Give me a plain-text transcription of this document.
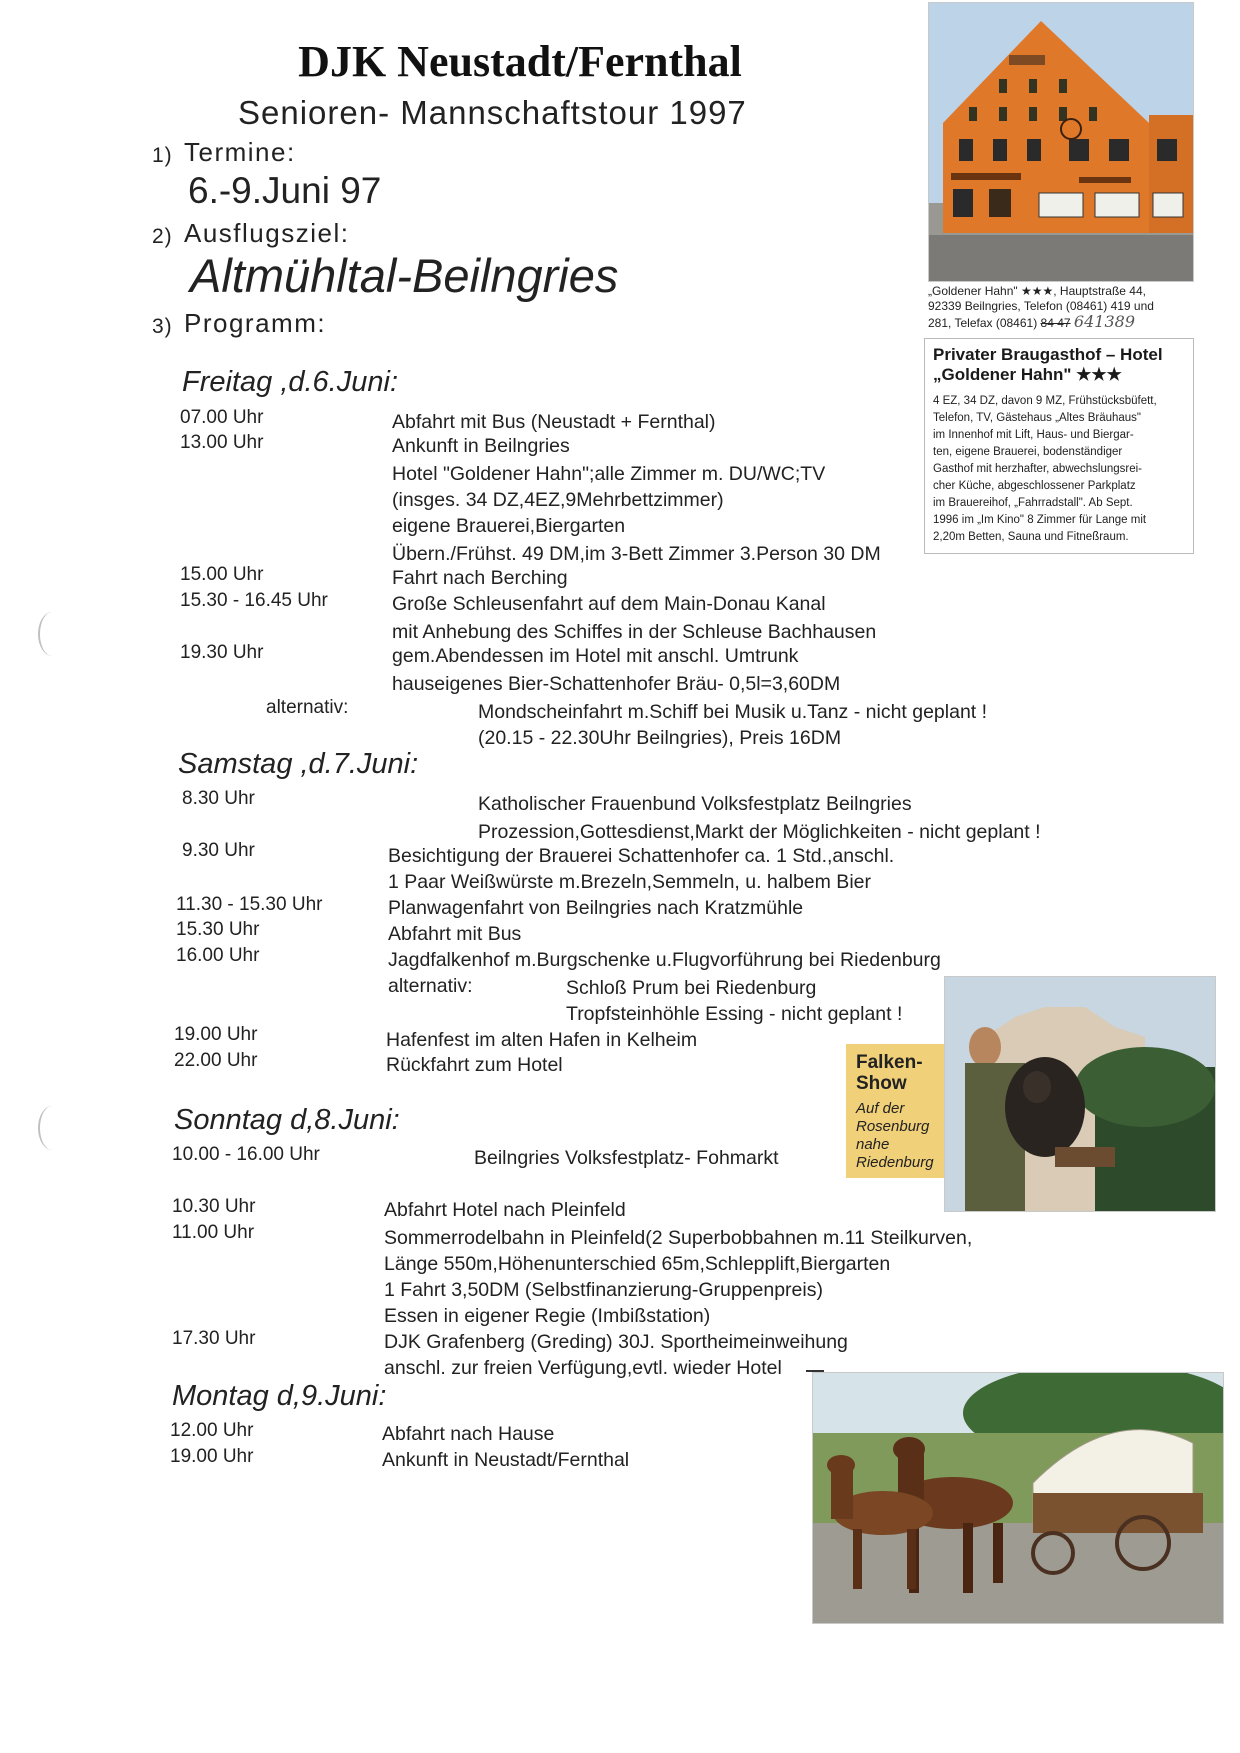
DJK Neustadt/Fernthal
Senioren- Mannschaftstour 1997
1) Termine:
6.-9.Juni 97
2) Ausflugsziel:
Altmühltal-Beilngries
3) Programm:
Freitag ,d.6.Juni:
07.00 Uhr	Abfahrt mit Bus (Neustadt + Fernthal)
13.00 Uhr	Ankunft in Beilngries
Hotel "Goldener Hahn";alle Zimmer m. DU/WC;TV
(insges. 34 DZ,4EZ,9Mehrbettzimmer)
eigene Brauerei,Biergarten
Übern./Frühst. 49 DM,im 3-Bett Zimmer 3.Person 30 DM
15.00 Uhr	Fahrt nach Berching
15.30 - 16.45 Uhr	Große Schleusenfahrt auf dem Main-Donau Kanal
mit Anhebung des Schiffes in der Schleuse Bachhausen
19.30 Uhr	gem.Abendessen im Hotel mit anschl. Umtrunk
hauseigenes Bier-Schattenhofer Bräu- 0,5l=3,60DM
alternativ:	Mondscheinfahrt m.Schiff bei Musik u.Tanz - nicht geplant !
(20.15 - 22.30Uhr Beilngries), Preis 16DM
Samstag ,d.7.Juni:
8.30 Uhr	Katholischer Frauenbund Volksfestplatz Beilngries
Prozession,Gottesdienst,Markt der Möglichkeiten - nicht geplant !
9.30 Uhr	Besichtigung der Brauerei Schattenhofer ca. 1 Std.,anschl.
1 Paar Weißwürste m.Brezeln,Semmeln, u. halbem Bier
11.30 - 15.30 Uhr	Planwagenfahrt von Beilngries nach Kratzmühle
15.30 Uhr	Abfahrt mit Bus
16.00 Uhr	Jagdfalkenhof m.Burgschenke u.Flugvorführung bei Riedenburg
alternativ:	Schloß Prum bei Riedenburg
Tropfsteinhöhle Essing - nicht geplant !
19.00 Uhr	Hafenfest im alten Hafen in Kelheim
22.00 Uhr	Rückfahrt zum Hotel
Sonntag d,8.Juni:
10.00 - 16.00 Uhr	Beilngries Volksfestplatz- Fohmarkt
10.30 Uhr	Abfahrt Hotel nach Pleinfeld
11.00 Uhr	Sommerrodelbahn in Pleinfeld(2 Superbobbahnen m.11 Steilkurven,
Länge 550m,Höhenunterschied 65m,Schlepplift,Biergarten
1 Fahrt 3,50DM (Selbstfinanzierung-Gruppenpreis)
Essen in eigener Regie (Imbißstation)
17.30 Uhr	DJK Grafenberg (Greding) 30J. Sportheimeinweihung
anschl. zur freien Verfügung,evtl. wieder Hotel
Montag d,9.Juni:
12.00 Uhr	Abfahrt nach Hause
19.00 Uhr	Ankunft in Neustadt/Fernthal
„Goldener Hahn" ★★★, Hauptstraße 44,
92339 Beilngries, Telefon (08461) 419 und
281, Telefax (08461) 84 47 641389
Privater Braugasthof – Hotel
„Goldener Hahn" ★★★
4 EZ, 34 DZ, davon 9 MZ, Frühstücksbüfett,
Telefon, TV, Gästehaus „Altes Bräuhaus"
im Innenhof mit Lift, Haus- und Biergar-
ten, eigene Brauerei, bodenständiger
Gasthof mit herzhafter, abwechslungsrei-
cher Küche, abgeschlossener Parkplatz
im Brauereihof, „Fahrradstall". Ab Sept.
1996 im „Im Kino" 8 Zimmer für Lange mit
2,20m Betten, Sauna und Fitneßraum.
Falken-
Show
Auf der
Rosenburg
nahe
Riedenburg
